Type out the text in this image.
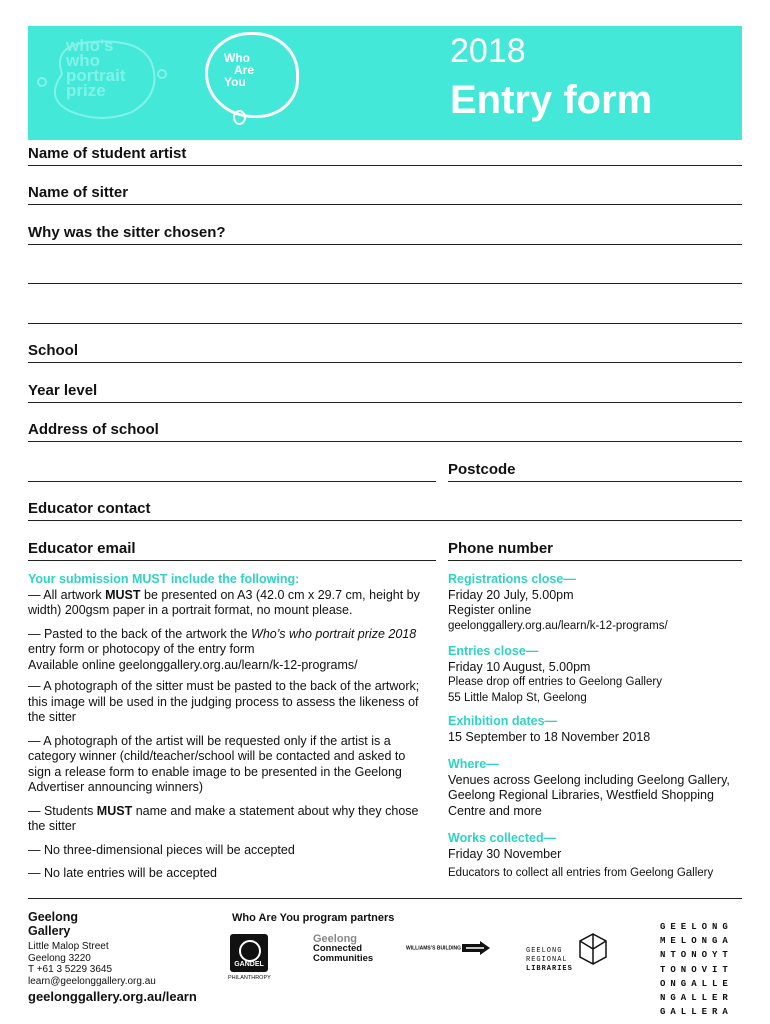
who's
who
portrait
prize
Who
Are
You
2018
Entry form
Name of student artist
Name of sitter
Why was the sitter chosen?
School
Year level
Address of school
Postcode
Educator contact
Educator email	Phone number
Your submission MUST include the following:

— All artwork MUST be presented on A3 (42.0 cm x 29.7 cm, height by width) 200gsm paper in a portrait format, no mount please.

— Pasted to the back of the artwork the Who’s who portrait prize 2018 entry form or photocopy of the entry form
Available online geelonggallery.org.au/learn/k-12-programs/

— A photograph of the sitter must be pasted to the back of the artwork; this image will be used in the judging process to assess the likeness of the sitter

— A photograph of the artist will be requested only if the artist is a category winner (child/teacher/school will be contacted and asked to sign a release form to enable image to be presented in the Geelong Advertiser announcing winners)

— Students MUST name and make a statement about why they chose the sitter

— No three-dimensional pieces will be accepted

— No late entries will be accepted

Registrations close—
Friday 20 July, 5.00pm
Register online
geelonggallery.org.au/learn/k-12-programs/
Entries close—
Friday 10 August, 5.00pm
Please drop off entries to Geelong Gallery
55 Little Malop St, Geelong
Exhibition dates—
15 September to 18 November 2018
Where—
Venues across Geelong including Geelong Gallery, Geelong Regional Libraries, Westfield Shopping Centre and more
Works collected—
Friday 30 November
Educators to collect all entries from Geelong Gallery
Geelong
Gallery
Little Malop Street
Geelong 3220
T +61 3 5229 3645
learn@geelonggallery.org.au
geelonggallery.org.au/learn
Who Are You program partners
GANDEL
PHILANTHROPY
Geelong
Connected
Communities
WILLIAMS’S BUILDING	GEELONG
REGIONAL
LIBRARIES
GEELONG
MELONGA
NTONOYT
TONOVIT
ONGALLE
NGALLER
GALLERA
